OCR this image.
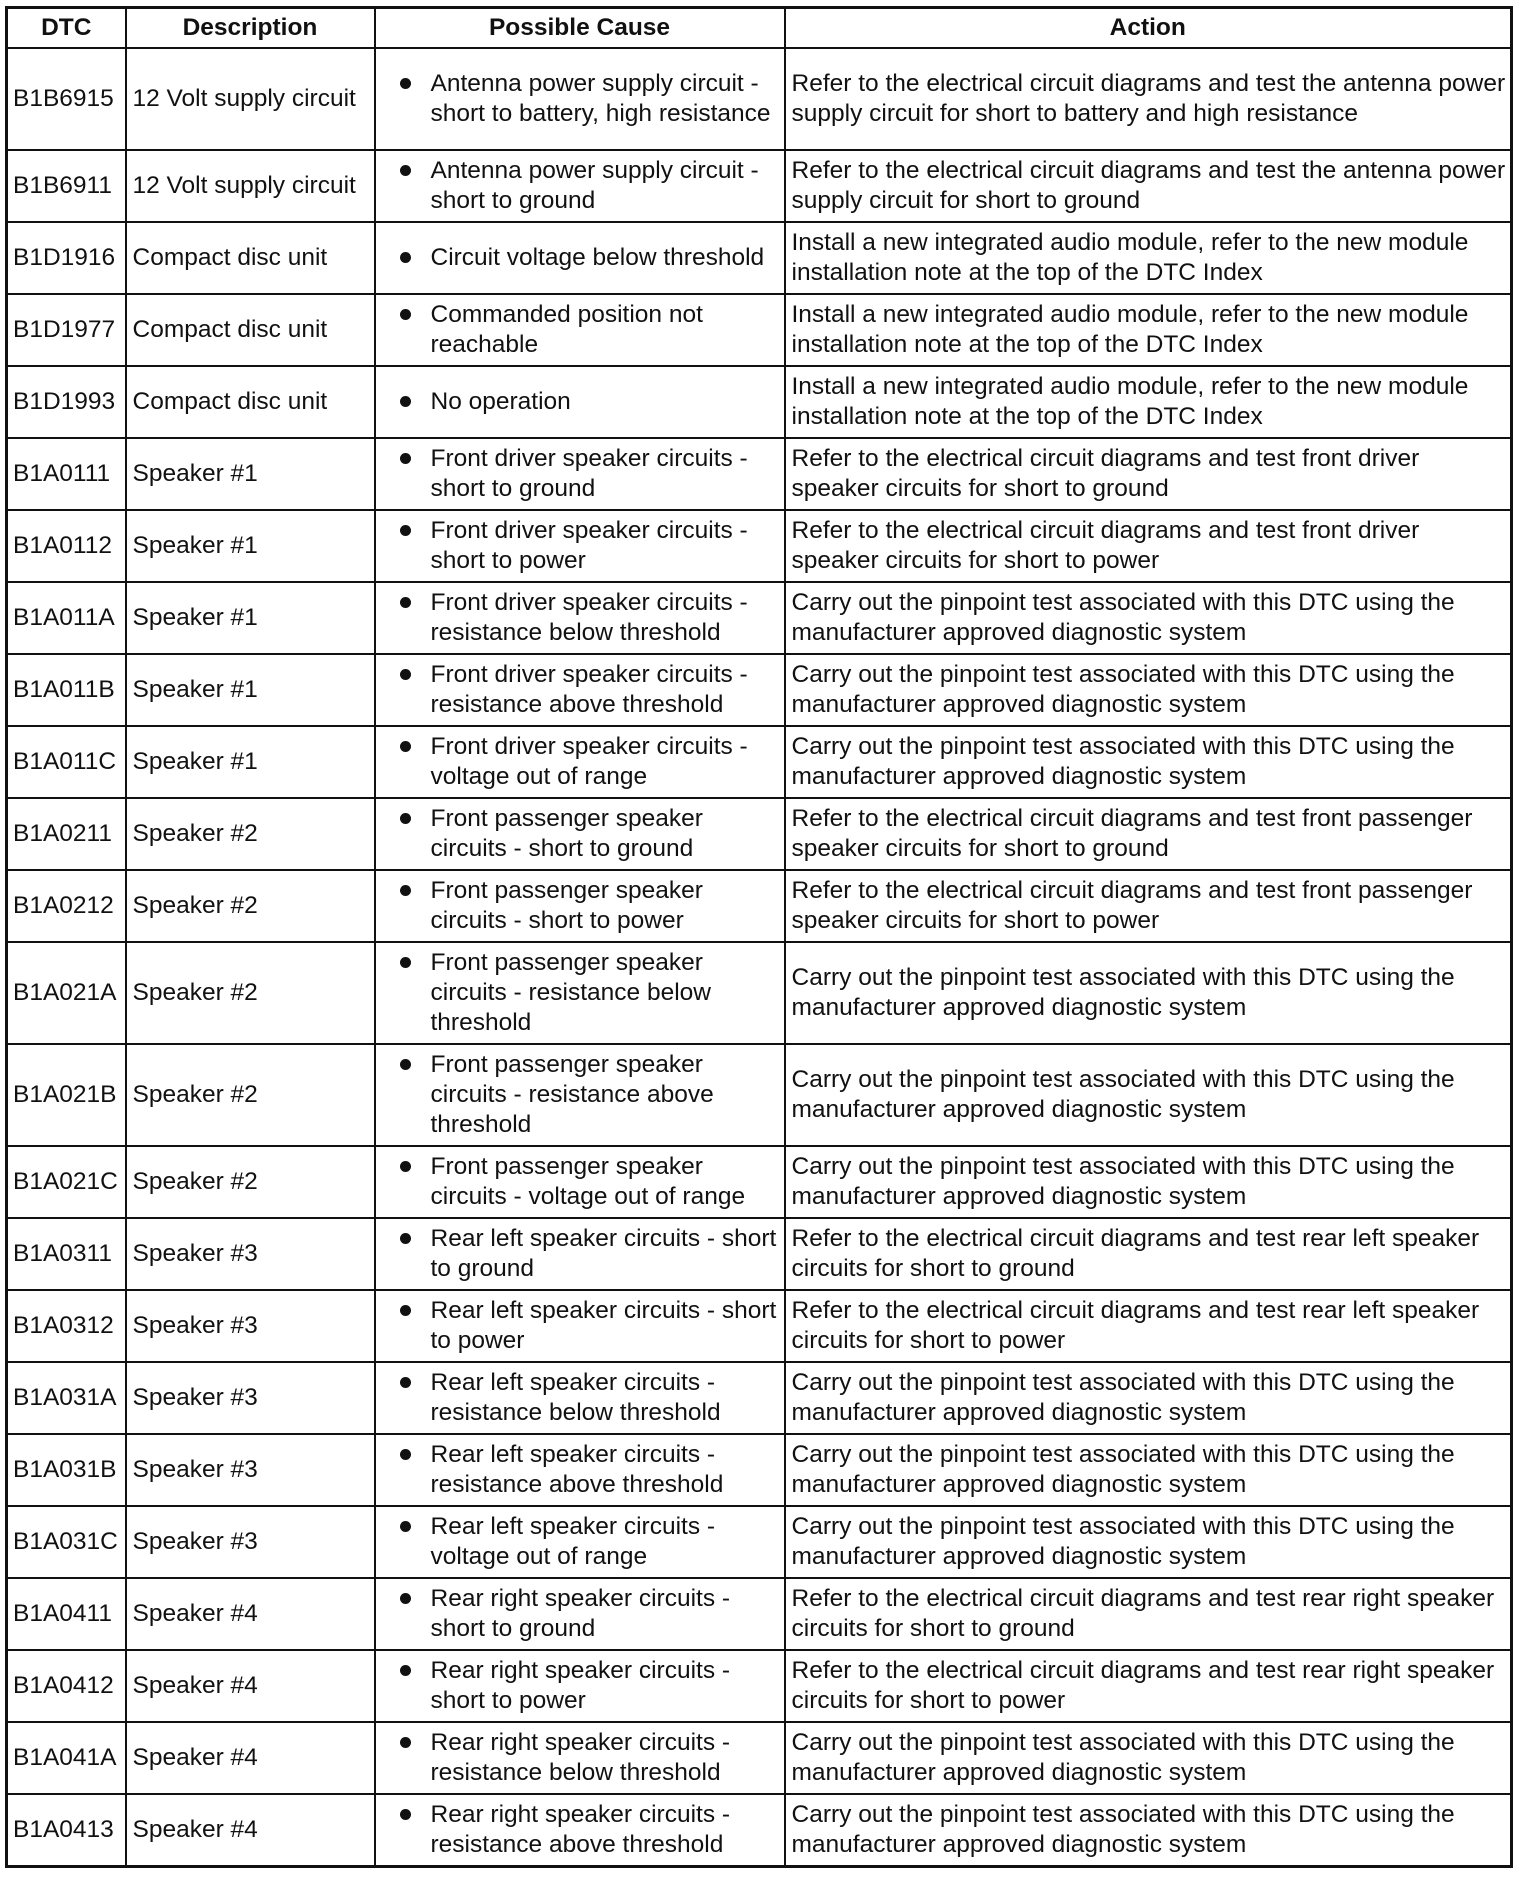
DTC	Description	Possible Cause	Action
B1B6915	12 Volt supply circuit	Antenna power supply circuit - short to battery, high resistance	Refer to the electrical circuit diagrams and test the antenna power supply circuit for short to battery and high resistance
B1B6911	12 Volt supply circuit	Antenna power supply circuit - short to ground	Refer to the electrical circuit diagrams and test the antenna power supply circuit for short to ground
B1D1916	Compact disc unit	Circuit voltage below threshold	Install a new integrated audio module, refer to the new module installation note at the top of the DTC Index
B1D1977	Compact disc unit	Commanded position not reachable	Install a new integrated audio module, refer to the new module installation note at the top of the DTC Index
B1D1993	Compact disc unit	No operation	Install a new integrated audio module, refer to the new module installation note at the top of the DTC Index
B1A0111	Speaker #1	Front driver speaker circuits - short to ground	Refer to the electrical circuit diagrams and test front driver speaker circuits for short to ground
B1A0112	Speaker #1	Front driver speaker circuits - short to power	Refer to the electrical circuit diagrams and test front driver speaker circuits for short to power
B1A011A	Speaker #1	Front driver speaker circuits - resistance below threshold	Carry out the pinpoint test associated with this DTC using the manufacturer approved diagnostic system
B1A011B	Speaker #1	Front driver speaker circuits - resistance above threshold	Carry out the pinpoint test associated with this DTC using the manufacturer approved diagnostic system
B1A011C	Speaker #1	Front driver speaker circuits - voltage out of range	Carry out the pinpoint test associated with this DTC using the manufacturer approved diagnostic system
B1A0211	Speaker #2	Front passenger speaker circuits - short to ground	Refer to the electrical circuit diagrams and test front passenger speaker circuits for short to ground
B1A0212	Speaker #2	Front passenger speaker circuits - short to power	Refer to the electrical circuit diagrams and test front passenger speaker circuits for short to power
B1A021A	Speaker #2	Front passenger speaker circuits - resistance below threshold	Carry out the pinpoint test associated with this DTC using the manufacturer approved diagnostic system
B1A021B	Speaker #2	Front passenger speaker circuits - resistance above threshold	Carry out the pinpoint test associated with this DTC using the manufacturer approved diagnostic system
B1A021C	Speaker #2	Front passenger speaker circuits - voltage out of range	Carry out the pinpoint test associated with this DTC using the manufacturer approved diagnostic system
B1A0311	Speaker #3	Rear left speaker circuits - short to ground	Refer to the electrical circuit diagrams and test rear left speaker circuits for short to ground
B1A0312	Speaker #3	Rear left speaker circuits - short to power	Refer to the electrical circuit diagrams and test rear left speaker circuits for short to power
B1A031A	Speaker #3	Rear left speaker circuits - resistance below threshold	Carry out the pinpoint test associated with this DTC using the manufacturer approved diagnostic system
B1A031B	Speaker #3	Rear left speaker circuits - resistance above threshold	Carry out the pinpoint test associated with this DTC using the manufacturer approved diagnostic system
B1A031C	Speaker #3	Rear left speaker circuits - voltage out of range	Carry out the pinpoint test associated with this DTC using the manufacturer approved diagnostic system
B1A0411	Speaker #4	Rear right speaker circuits - short to ground	Refer to the electrical circuit diagrams and test rear right speaker circuits for short to ground
B1A0412	Speaker #4	Rear right speaker circuits - short to power	Refer to the electrical circuit diagrams and test rear right speaker circuits for short to power
B1A041A	Speaker #4	Rear right speaker circuits - resistance below threshold	Carry out the pinpoint test associated with this DTC using the manufacturer approved diagnostic system
B1A0413	Speaker #4	Rear right speaker circuits - resistance above threshold	Carry out the pinpoint test associated with this DTC using the manufacturer approved diagnostic system
